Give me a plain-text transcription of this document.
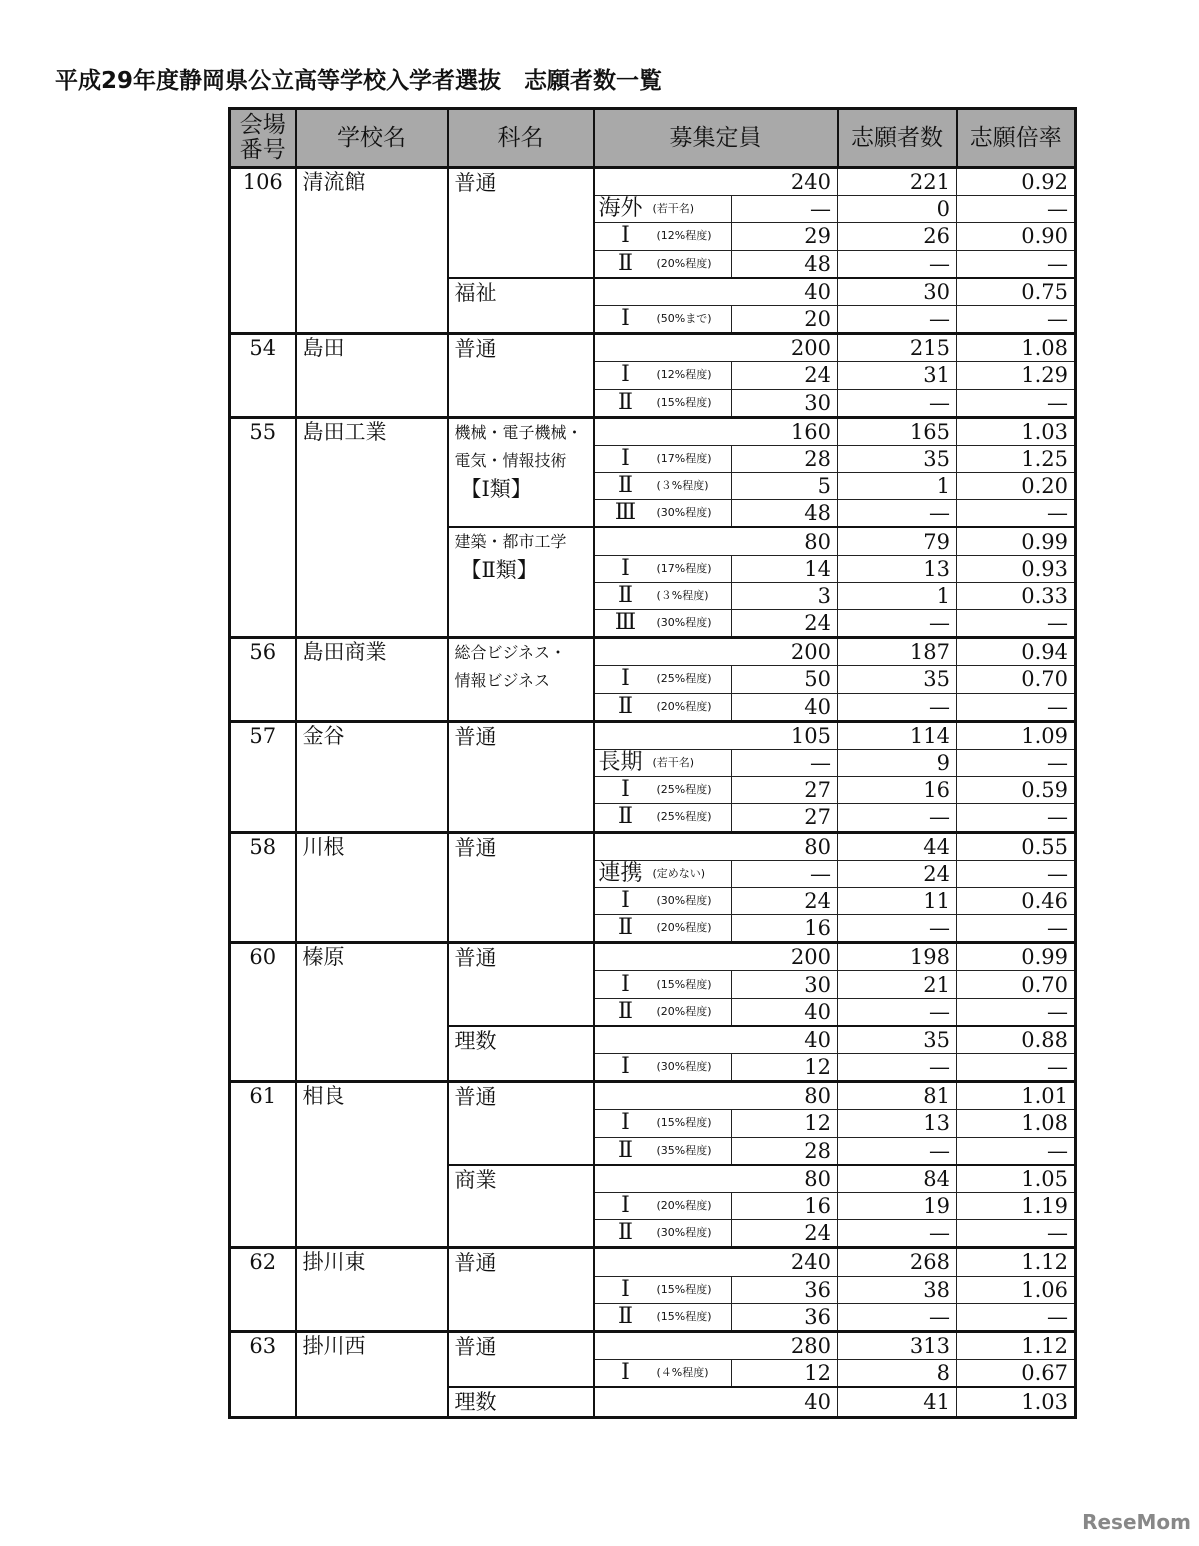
平成29年度静岡県公立高等学校入学者選抜　志願者数一覧
会場番号	学校名	科名	募集定員		志願者数	志願倍率
106	清流館	普通	240		221	0.92

			海外 (若干名)	—	0	—

			Ⅰ (12%程度)	29	26	0.90

			Ⅱ (20%程度)	48	—	—

		福祉	40		30	0.75

			Ⅰ (50%まで)	20	—	—
54	島田	普通	200		215	1.08

			Ⅰ (12%程度)	24	31	1.29

			Ⅱ (15%程度)	30	—	—
55	島田工業	機械・電子機械・
電気・情報技術
【Ⅰ類】	160		165	1.03

			Ⅰ (17%程度)	28	35	1.25

			Ⅱ (３%程度)	5	1	0.20

			Ⅲ (30%程度)	48	—	—

		建築・都市工学
【Ⅱ類】	80		79	0.99

			Ⅰ (17%程度)	14	13	0.93

			Ⅱ (３%程度)	3	1	0.33

			Ⅲ (30%程度)	24	—	—
56	島田商業	総合ビジネス・
情報ビジネス	200		187	0.94

			Ⅰ (25%程度)	50	35	0.70

			Ⅱ (20%程度)	40	—	—
57	金谷	普通	105		114	1.09

			長期 (若干名)	—	9	—

			Ⅰ (25%程度)	27	16	0.59

			Ⅱ (25%程度)	27	—	—
58	川根	普通	80		44	0.55

			連携 (定めない)	—	24	—

			Ⅰ (30%程度)	24	11	0.46

			Ⅱ (20%程度)	16	—	—
60	榛原	普通	200		198	0.99

			Ⅰ (15%程度)	30	21	0.70

			Ⅱ (20%程度)	40	—	—

		理数	40		35	0.88

			Ⅰ (30%程度)	12	—	—
61	相良	普通	80		81	1.01

			Ⅰ (15%程度)	12	13	1.08

			Ⅱ (35%程度)	28	—	—

		商業	80		84	1.05

			Ⅰ (20%程度)	16	19	1.19

			Ⅱ (30%程度)	24	—	—
62	掛川東	普通	240		268	1.12

			Ⅰ (15%程度)	36	38	1.06

			Ⅱ (15%程度)	36	—	—
63	掛川西	普通	280		313	1.12

			Ⅰ (４%程度)	12	8	0.67

		理数	40		41	1.03
ReseMom
